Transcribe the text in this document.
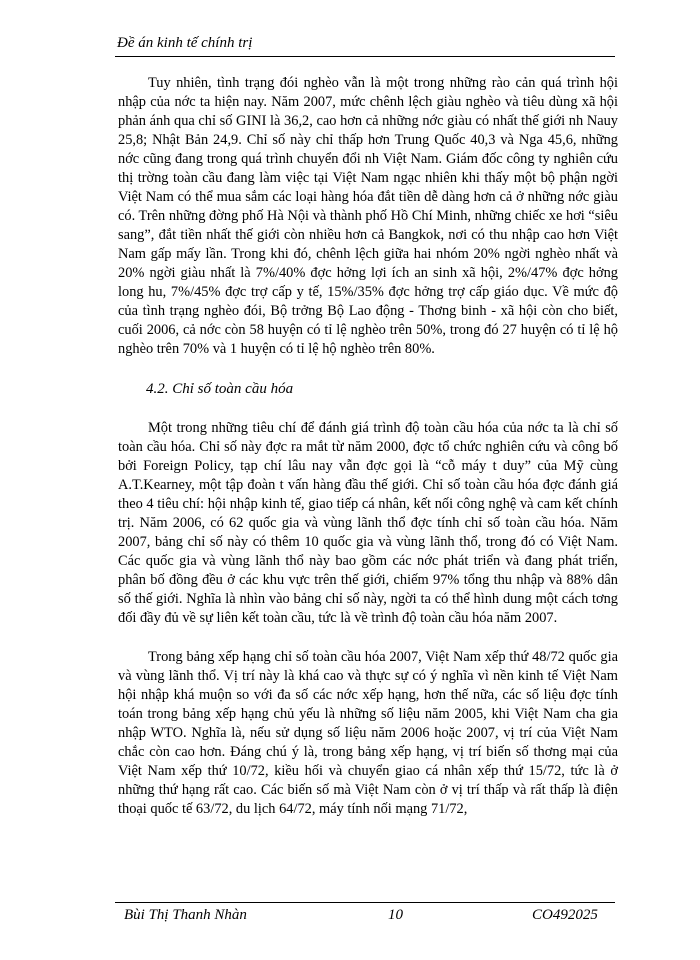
Đề án kinh tế chính trị

Tuy nhiên, tình trạng đói nghèo vẫn là một trong những rào cản quá trình hội nhập của nớc ta hiện nay. Năm 2007, mức chênh lệch giàu nghèo và tiêu dùng xã hội phản ánh qua chỉ số GINI là 36,2, cao hơn cả những nớc giàu có nhất thế giới nh Nauy 25,8; Nhật Bản 24,9. Chỉ số này chỉ thấp hơn Trung Quốc 40,3 và Nga 45,6, những nớc cũng đang trong quá trình chuyển đổi nh Việt Nam. Giám đốc công ty nghiên cứu thị trờng toàn cầu đang làm việc tại Việt Nam ngạc nhiên khi thấy một bộ phận ngời Việt Nam có thể mua sắm các loại hàng hóa đắt tiền dễ dàng hơn cả ở những nớc giàu có. Trên những đờng phố Hà Nội và thành phố Hồ Chí Minh, những chiếc xe hơi “siêu sang”, đắt tiền nhất thế giới còn nhiều hơn cả Bangkok, nơi có thu nhập cao hơn Việt Nam gấp mấy lần. Trong khi đó, chênh lệch giữa hai nhóm 20% ngời nghèo nhất và 20% ngời giàu nhất là 7%/40% đợc hởng lợi ích an sinh xã hội, 2%/47% đợc hởng long hu, 7%/45% đợc trợ cấp y tế, 15%/35% đợc hởng trợ cấp giáo dục. Về mức độ của tình trạng nghèo đói, Bộ trởng Bộ Lao động - Thơng binh - xã hội còn cho biết, cuối 2006, cả nớc còn 58 huyện có tỉ lệ nghèo trên 50%, trong đó 27 huyện có tỉ lệ hộ nghèo trên 70% và 1 huyện có tỉ lệ hộ nghèo trên 80%.

4.2. Chỉ số toàn cầu hóa

Một trong những tiêu chí để đánh giá trình độ toàn cầu hóa của nớc ta là chỉ số toàn cầu hóa. Chỉ số này đợc ra mắt từ năm 2000, đợc tổ chức nghiên cứu và công bố bởi Foreign Policy, tạp chí lâu nay vẫn đợc gọi là “cỗ máy t duy” của Mỹ cùng A.T.Kearney, một tập đoàn t vấn hàng đầu thế giới. Chỉ số toàn cầu hóa đợc đánh giá theo 4 tiêu chí: hội nhập kinh tế, giao tiếp cá nhân, kết nối công nghệ và cam kết chính trị. Năm 2006, có 62 quốc gia và vùng lãnh thổ đợc tính chỉ số toàn cầu hóa. Năm 2007, bảng chỉ số này có thêm 10 quốc gia và vùng lãnh thổ, trong đó có Việt Nam. Các quốc gia và vùng lãnh thổ này bao gồm các nớc phát triển và đang phát triển, phân bố đồng đều ở các khu vực trên thế giới, chiếm 97% tổng thu nhập và 88% dân số thế giới. Nghĩa là nhìn vào bảng chỉ số này, ngời ta có thể hình dung một cách tơng đối đầy đủ về sự liên kết toàn cầu, tức là về trình độ toàn cầu hóa năm 2007.

Trong bảng xếp hạng chỉ số toàn cầu hóa 2007, Việt Nam xếp thứ 48/72 quốc gia và vùng lãnh thổ. Vị trí này là khá cao và thực sự có ý nghĩa vì nền kinh tế Việt Nam hội nhập khá muộn so với đa số các nớc xếp hạng, hơn thế nữa, các số liệu đợc tính toán trong bảng xếp hạng chủ yếu là những số liệu năm 2005, khi Việt Nam cha gia nhập WTO. Nghĩa là, nếu sử dụng số liệu năm 2006 hoặc 2007, vị trí của Việt Nam chắc còn cao hơn. Đáng chú ý là, trong bảng xếp hạng, vị trí biến số thơng mại của Việt Nam xếp thứ 10/72, kiều hối và chuyển giao cá nhân xếp thứ 15/72, tức là ở những thứ hạng rất cao. Các biến số mà Việt Nam còn ở vị trí thấp và rất thấp là điện thoại quốc tế 63/72, du lịch 64/72, máy tính nối mạng 71/72,

Bùi Thị Thanh Nhàn	10	CO492025
